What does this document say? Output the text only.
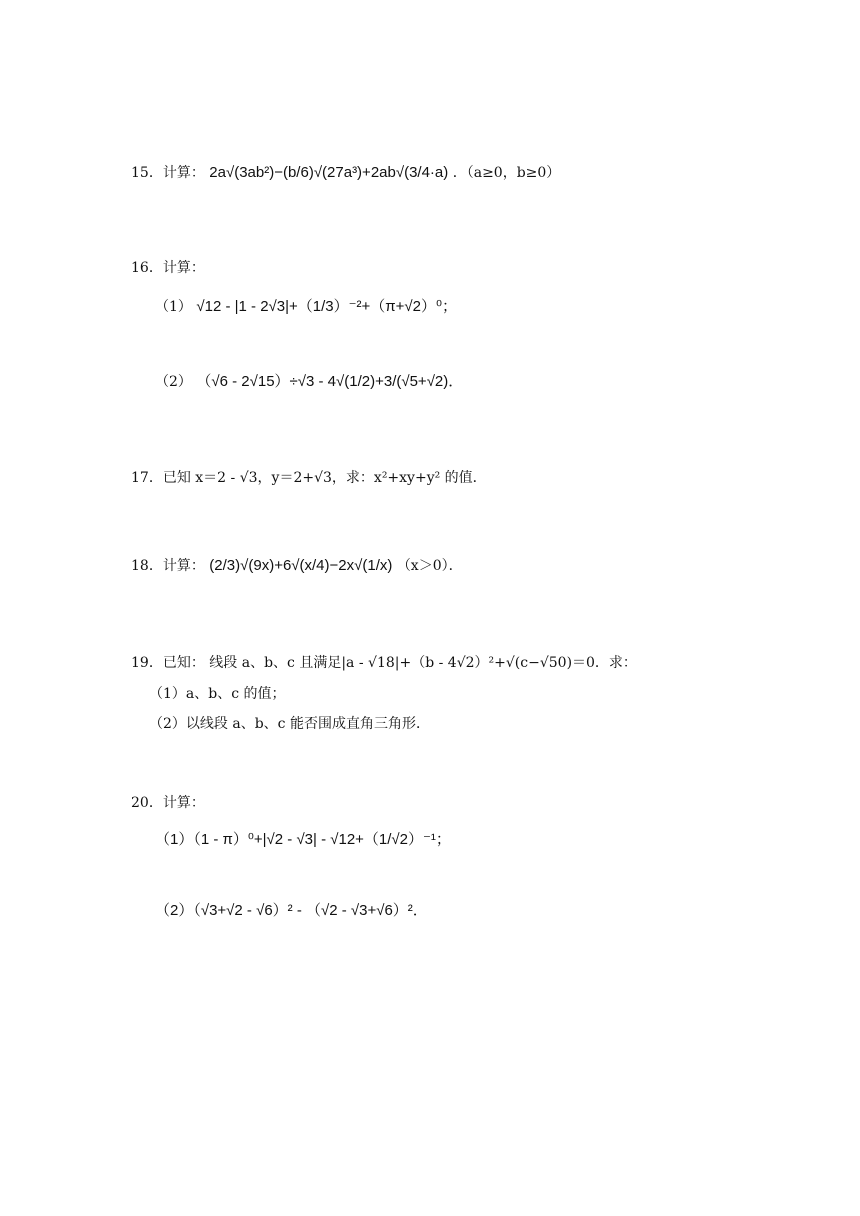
15．计算： 2a√(3ab²)−(b/6)√(27a³)+2ab√(3/4·a) ．（a≥0，b≥0）
16．计算：
（1） √12 - |1 - 2√3|+（1/3）⁻²+（π+√2）⁰；
（2） （√6 - 2√15）÷√3 - 4√(1/2)+3/(√5+√2)．
17．已知 x＝2 - √3，y＝2+√3，求：x²+xy+y² 的值．
18．计算： (2/3)√(9x)+6√(x/4)−2x√(1/x) （x＞0）．
19．已知： 线段 a、b、c 且满足|a - √18|+（b - 4√2）²+√(c−√50)＝0．求：
（1）a、b、c 的值；
（2）以线段 a、b、c 能否围成直角三角形．
20．计算：
（1）（1 - π）⁰+|√2 - √3| - √12+（1/√2）⁻¹；
（2）（√3+√2 - √6）² - （√2 - √3+√6）²．
